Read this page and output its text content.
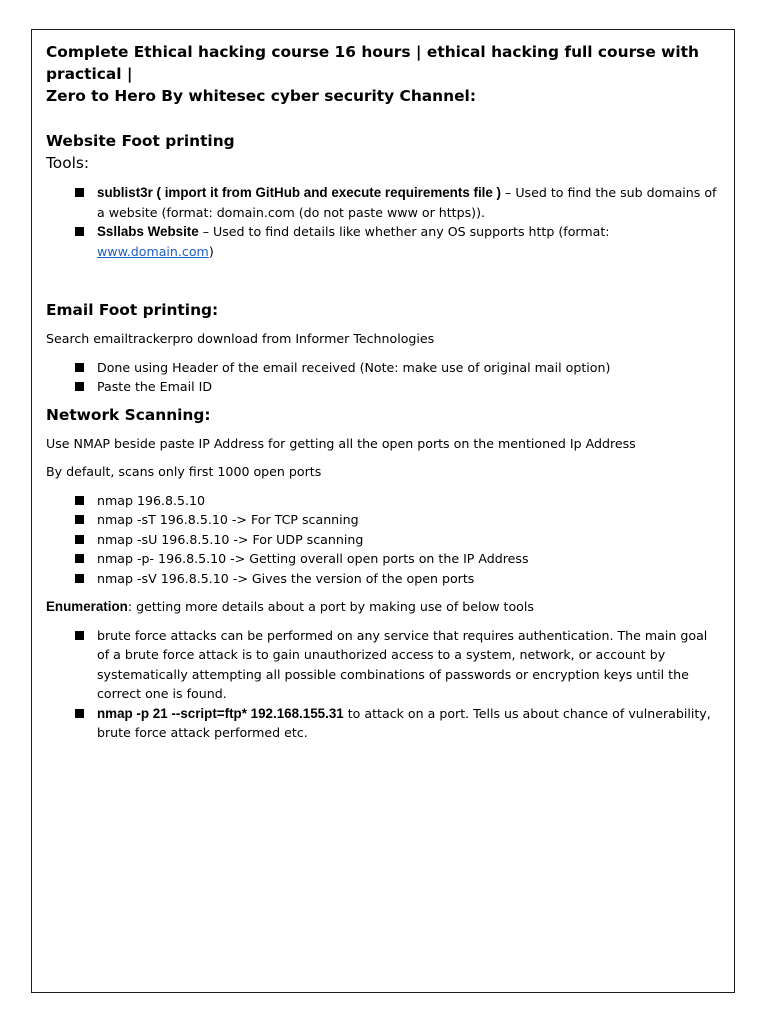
Complete Ethical hacking course 16 hours | ethical hacking full course with practical |
Zero to Hero By whitesec cyber security Channel:

Website Foot printing

Tools:

sublist3r ( import it from GitHub and execute requirements file ) – Used to find the sub domains of a website (format: domain.com (do not paste www or https)).
Ssllabs Website – Used to find details like whether any OS supports http (format: www.domain.com)

Email Foot printing:

Search emailtrackerpro download from Informer Technologies

Done using Header of the email received (Note: make use of original mail option)
Paste the Email ID

Network Scanning:

Use NMAP beside paste IP Address for getting all the open ports on the mentioned Ip Address

By default, scans only first 1000 open ports

nmap 196.8.5.10
nmap -sT 196.8.5.10 -> For TCP scanning
nmap -sU 196.8.5.10 -> For UDP scanning
nmap -p- 196.8.5.10 -> Getting overall open ports on the IP Address
nmap -sV 196.8.5.10 -> Gives the version of the open ports

Enumeration: getting more details about a port by making use of below tools

brute force attacks can be performed on any service that requires authentication. The main goal of a brute force attack is to gain unauthorized access to a system, network, or account by systematically attempting all possible combinations of passwords or encryption keys until the correct one is found.
nmap -p 21 --script=ftp* 192.168.155.31 to attack on a port. Tells us about chance of vulnerability, brute force attack performed etc.
